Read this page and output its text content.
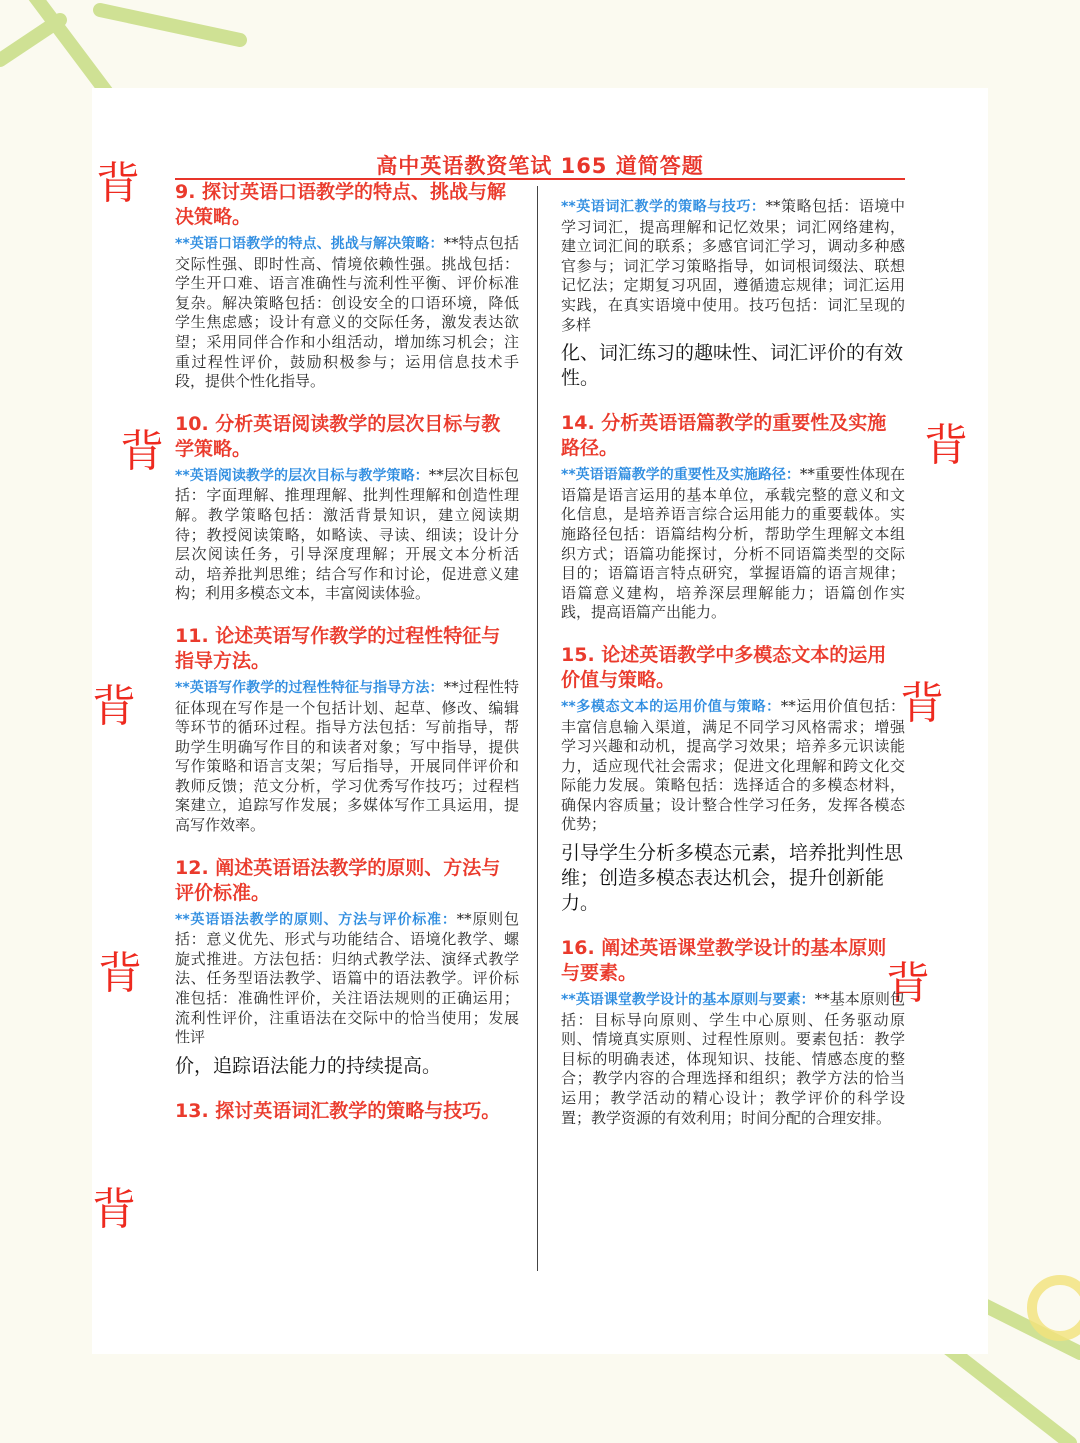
高中英语教资笔试 165 道简答题
背
背
背
背
背
背
背
背
9. 探讨英语口语教学的特点、挑战与解决策略。

**英语口语教学的特点、挑战与解决策略：**特点包括交际性强、即时性高、情境依赖性强。挑战包括：学生开口难、语言准确性与流利性平衡、评价标准复杂。解决策略包括：创设安全的口语环境，降低学生焦虑感；设计有意义的交际任务，激发表达欲望；采用同伴合作和小组活动，增加练习机会；注重过程性评价，鼓励积极参与；运用信息技术手段，提供个性化指导。

10. 分析英语阅读教学的层次目标与教学策略。

**英语阅读教学的层次目标与教学策略：**层次目标包括：字面理解、推理理解、批判性理解和创造性理解。教学策略包括：激活背景知识，建立阅读期待；教授阅读策略，如略读、寻读、细读；设计分层次阅读任务，引导深度理解；开展文本分析活动，培养批判思维；结合写作和讨论，促进意义建构；利用多模态文本，丰富阅读体验。

11. 论述英语写作教学的过程性特征与指导方法。

**英语写作教学的过程性特征与指导方法：**过程性特征体现在写作是一个包括计划、起草、修改、编辑等环节的循环过程。指导方法包括：写前指导，帮助学生明确写作目的和读者对象；写中指导，提供写作策略和语言支架；写后指导，开展同伴评价和教师反馈；范文分析，学习优秀写作技巧；过程档案建立，追踪写作发展；多媒体写作工具运用，提高写作效率。

12. 阐述英语语法教学的原则、方法与评价标准。

**英语语法教学的原则、方法与评价标准：**原则包括：意义优先、形式与功能结合、语境化教学、螺旋式推进。方法包括：归纳式教学法、演绎式教学法、任务型语法教学、语篇中的语法教学。评价标准包括：准确性评价，关注语法规则的正确运用；流利性评价，注重语法在交际中的恰当使用；发展性评

价，追踪语法能力的持续提高。

13. 探讨英语词汇教学的策略与技巧。

**英语词汇教学的策略与技巧：**策略包括：语境中学习词汇，提高理解和记忆效果；词汇网络建构，建立词汇间的联系；多感官词汇学习，调动多种感官参与；词汇学习策略指导，如词根词缀法、联想记忆法；定期复习巩固，遵循遗忘规律；词汇运用实践，在真实语境中使用。技巧包括：词汇呈现的多样

化、词汇练习的趣味性、词汇评价的有效性。

14. 分析英语语篇教学的重要性及实施路径。

**英语语篇教学的重要性及实施路径：**重要性体现在语篇是语言运用的基本单位，承载完整的意义和文化信息，是培养语言综合运用能力的重要载体。实施路径包括：语篇结构分析，帮助学生理解文本组织方式；语篇功能探讨，分析不同语篇类型的交际目的；语篇语言特点研究，掌握语篇的语言规律；语篇意义建构，培养深层理解能力；语篇创作实践，提高语篇产出能力。

15. 论述英语教学中多模态文本的运用价值与策略。

**多模态文本的运用价值与策略：**运用价值包括：丰富信息输入渠道，满足不同学习风格需求；增强学习兴趣和动机，提高学习效果；培养多元识读能力，适应现代社会需求；促进文化理解和跨文化交际能力发展。策略包括：选择适合的多模态材料，确保内容质量；设计整合性学习任务，发挥各模态优势；

引导学生分析多模态元素，培养批判性思维；创造多模态表达机会，提升创新能力。

16. 阐述英语课堂教学设计的基本原则与要素。

**英语课堂教学设计的基本原则与要素：**基本原则包括：目标导向原则、学生中心原则、任务驱动原则、情境真实原则、过程性原则。要素包括：教学目标的明确表述，体现知识、技能、情感态度的整合；教学内容的合理选择和组织；教学方法的恰当运用；教学活动的精心设计；教学评价的科学设置；教学资源的有效利用；时间分配的合理安排。
